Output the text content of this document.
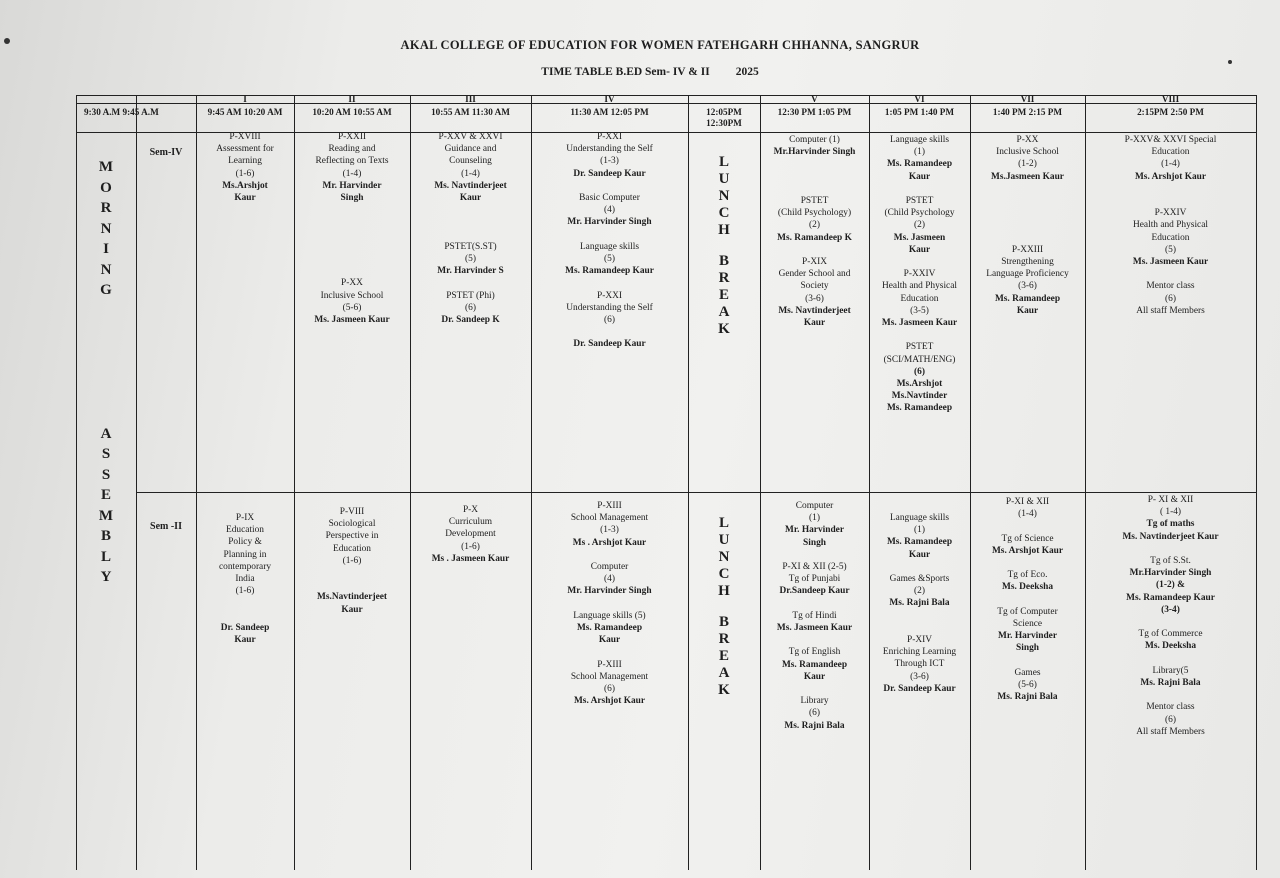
AKAL COLLEGE OF EDUCATION FOR WOMEN FATEHGARH CHHANNA, SANGRUR
TIME TABLE B.ED Sem- IV & II 2025

9:30 A.M 9:45 A.M

I
9:45 AM 10:20 AM
II
10:20 AM 10:55 AM
III
10:55 AM 11:30 AM
IV
11:30 AM 12:05 PM
	12:05PM 12:30PM
V
12:30 PM 1:05 PM
VI
1:05 PM 1:40 PM
VII
1:40 PM 2:15 PM
VIII
2:15PM 2:50 PM
M
O
R
N
I
N
G

A
S
S
E
M
B
L
Y
L
U
N
C
H

B
R
E
A
K
L
U
N
C
H

B
R
E
A
K
Sem-IV
P-XVIII
Assessment for
Learning
(1-6)
Ms.Arshjot
Kaur
P-XXII
Reading and
Reflecting on Texts
(1-4)
Mr. Harvinder
Singh

P-XX
Inclusive School
(5-6)
Ms. Jasmeen Kaur
P-XXV & XXVI
Guidance and
Counseling
(1-4)
Ms. Navtinderjeet
Kaur

PSTET(S.ST)
(5)
Mr. Harvinder S

PSTET (Phi)
(6)
Dr. Sandeep K
P-XXI
Understanding the Self
(1-3)
Dr. Sandeep Kaur

Basic Computer
(4)
Mr. Harvinder Singh

Language skills
(5)
Ms. Ramandeep Kaur

P-XXI
Understanding the Self
(6)

Dr. Sandeep Kaur
Computer (1)
Mr.Harvinder Singh

PSTET
(Child Psychology)
(2)
Ms. Ramandeep K

P-XIX
Gender School and
Society
(3-6)
Ms. Navtinderjeet
Kaur
Language skills
(1)
Ms. Ramandeep
Kaur

PSTET
(Child Psychology
(2)
Ms. Jasmeen
Kaur

P-XXIV
Health and Physical
Education
(3-5)
Ms. Jasmeen Kaur

PSTET
(SCI/MATH/ENG)
(6)
Ms.Arshjot
Ms.Navtinder
Ms. Ramandeep
P-XX
Inclusive School
(1-2)
Ms.Jasmeen Kaur

P-XXIII
Strengthening
Language Proficiency
(3-6)
Ms. Ramandeep
Kaur
P-XXV& XXVI Special
Education
(1-4)
Ms. Arshjot Kaur

P-XXIV
Health and Physical
Education
(5)
Ms. Jasmeen Kaur

Mentor class
(6)
All staff Members
Sem -II
P-IX
Education
Policy &
Planning in
contemporary
India
(1-6)

Dr. Sandeep
Kaur
P-VIII
Sociological
Perspective in
Education
(1-6)

Ms.Navtinderjeet
Kaur
P-X
Curriculum
Development
(1-6)
Ms . Jasmeen Kaur
P-XIII
School Management
(1-3)
Ms . Arshjot Kaur

Computer
(4)
Mr. Harvinder Singh

Language skills (5)
Ms. Ramandeep
Kaur

P-XIII
School Management
(6)
Ms. Arshjot Kaur
Computer
(1)
Mr. Harvinder
Singh

P-XI & XII (2-5)
Tg of Punjabi
Dr.Sandeep Kaur

Tg of Hindi
Ms. Jasmeen Kaur

Tg of English
Ms. Ramandeep
Kaur

Library
(6)
Ms. Rajni Bala
Language skills
(1)
Ms. Ramandeep
Kaur

Games &Sports
(2)
Ms. Rajni Bala

P-XIV
Enriching Learning
Through ICT
(3-6)
Dr. Sandeep Kaur
P-XI & XII
(1-4)

Tg of Science
Ms. Arshjot Kaur

Tg of Eco.
Ms. Deeksha

Tg of Computer
Science
Mr. Harvinder
Singh

Games
(5-6)
Ms. Rajni Bala
P- XI & XII
( 1-4)
Tg of maths
Ms. Navtinderjeet Kaur

Tg of S.St.
Mr.Harvinder Singh
(1-2) &
Ms. Ramandeep Kaur
(3-4)

Tg of Commerce
Ms. Deeksha

Library(5
Ms. Rajni Bala

Mentor class
(6)
All staff Members
